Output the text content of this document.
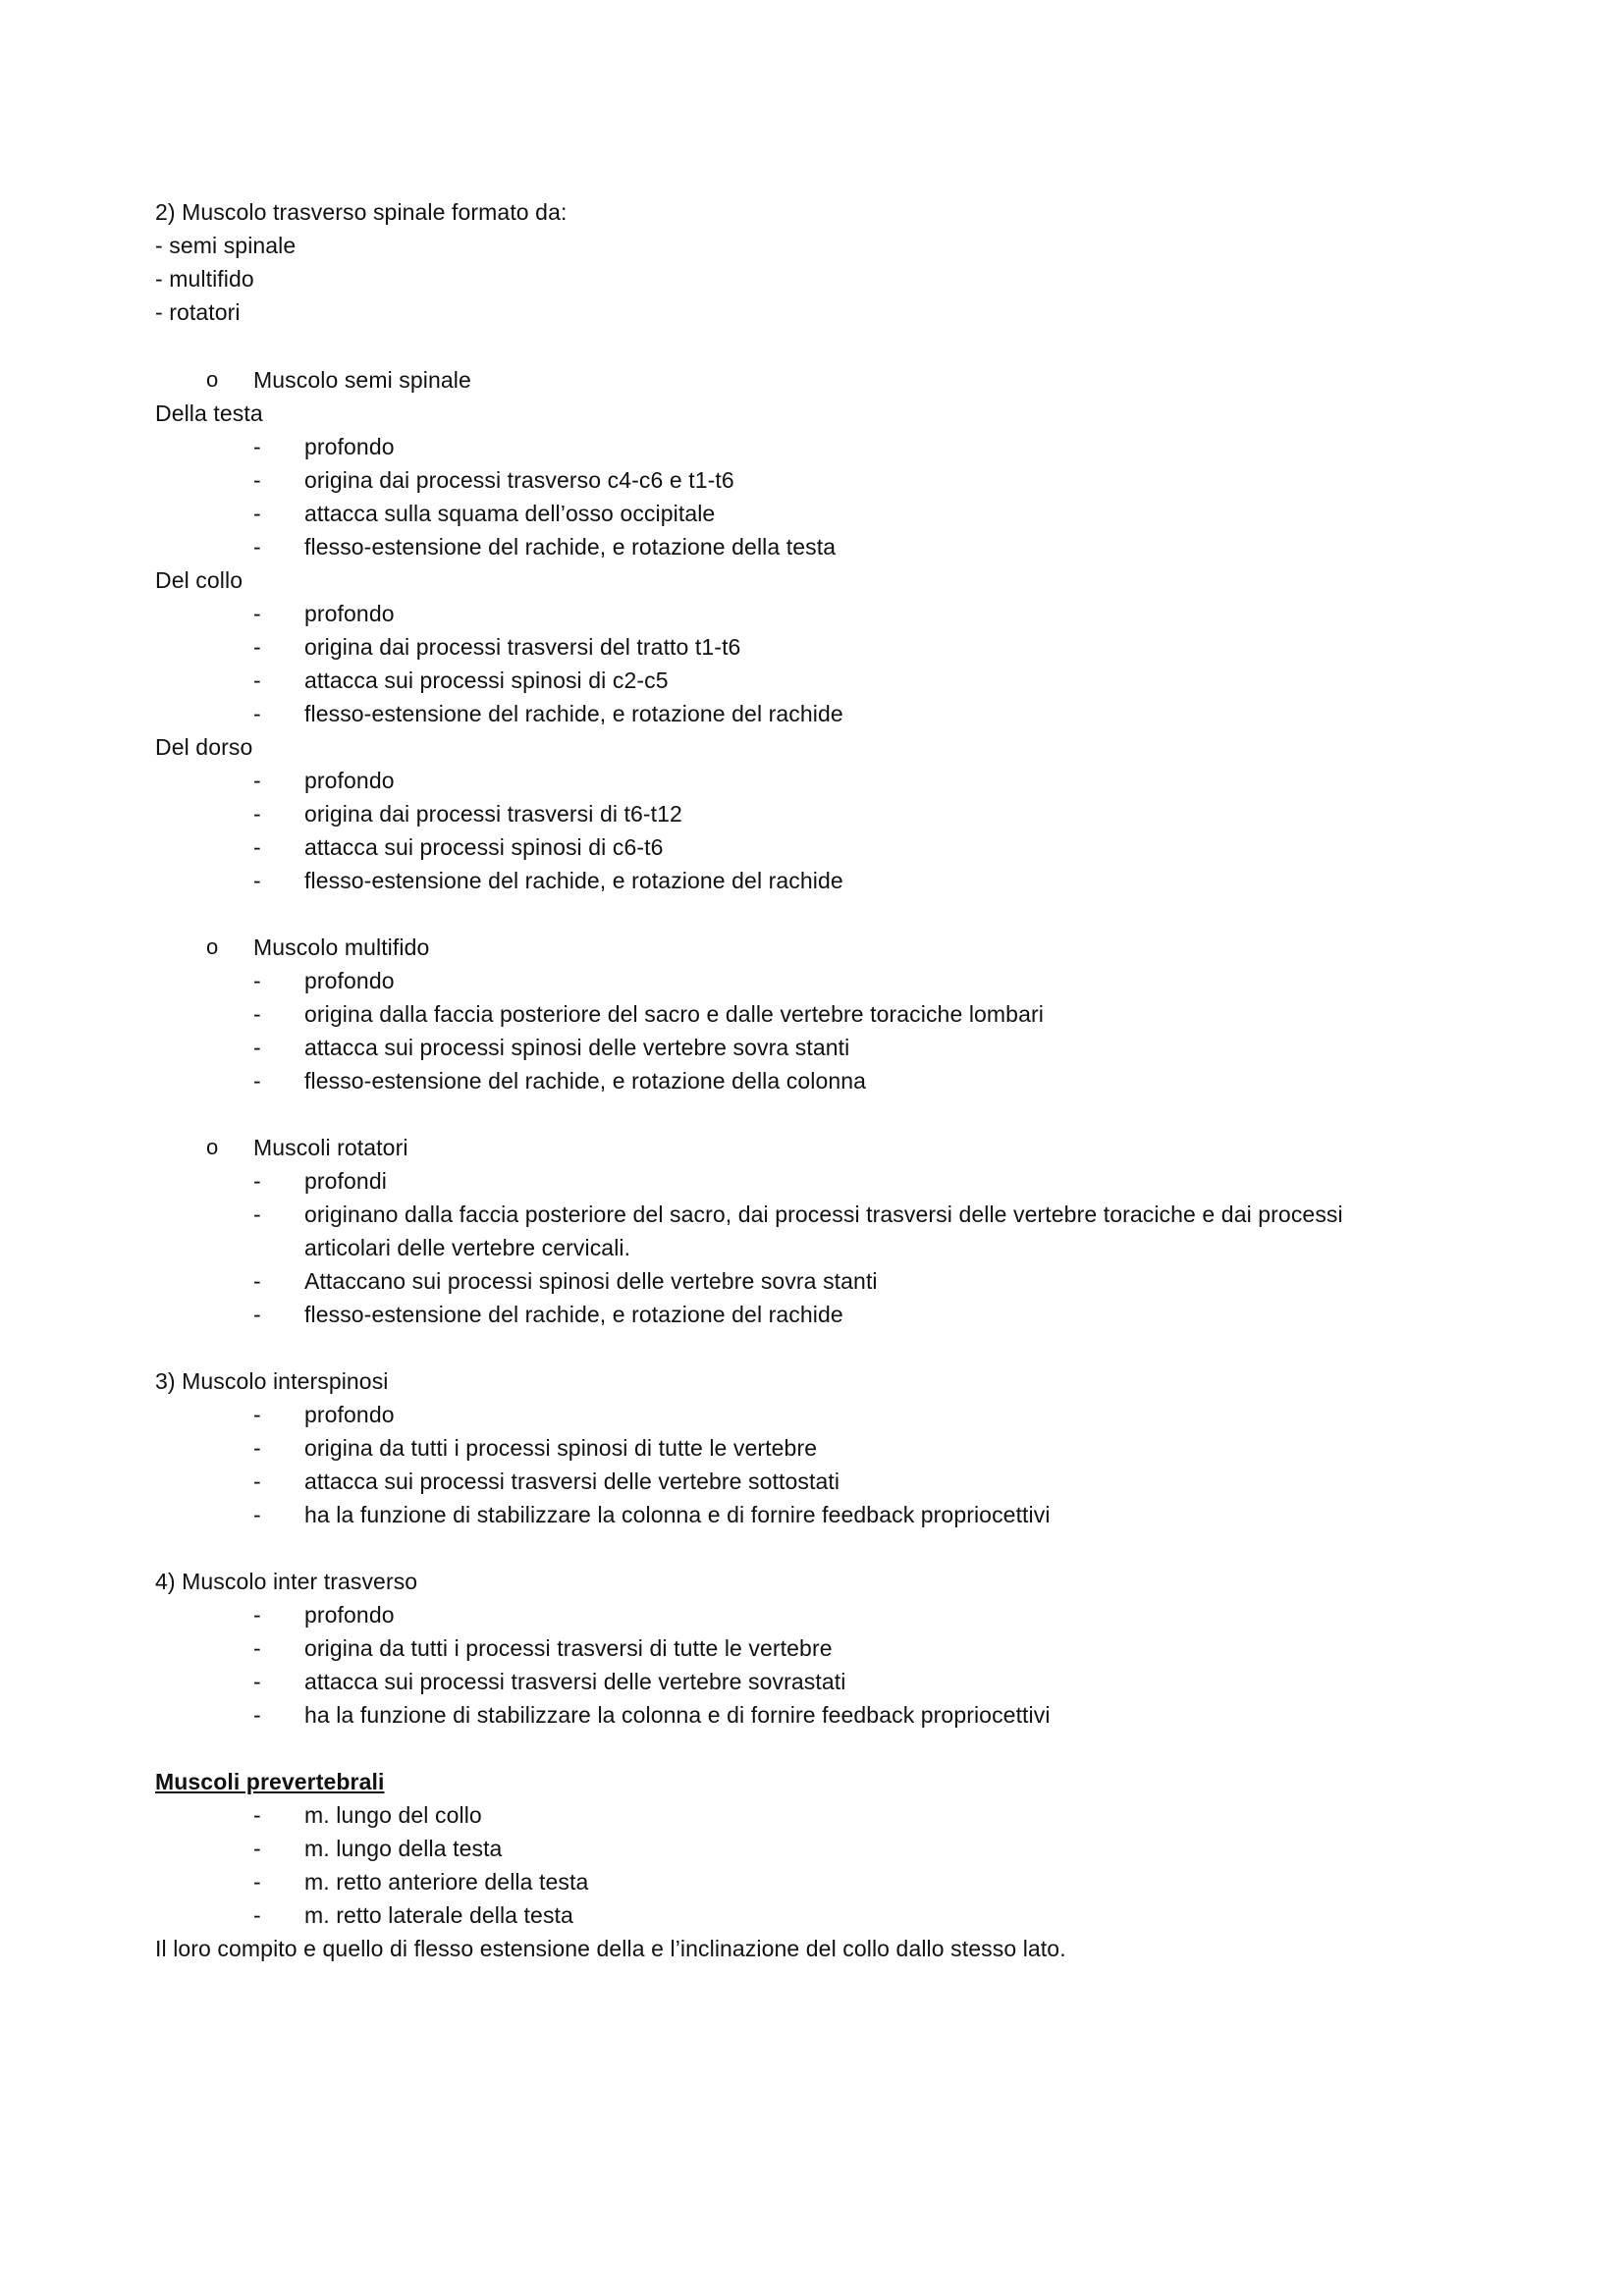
2) Muscolo trasverso spinale formato da:
- semi spinale
- multifido
- rotatori
o Muscolo semi spinale
Della testa
- profondo
- origina dai processi trasverso c4-c6 e t1-t6
- attacca sulla squama dell’osso occipitale
- flesso-estensione del rachide, e rotazione della testa
Del collo
- profondo
- origina dai processi trasversi del tratto t1-t6
- attacca sui processi spinosi di c2-c5
- flesso-estensione del rachide, e rotazione del rachide
Del dorso
- profondo
- origina dai processi trasversi di t6-t12
- attacca sui processi spinosi di c6-t6
- flesso-estensione del rachide, e rotazione del rachide
o Muscolo multifido
- profondo
- origina dalla faccia posteriore del sacro e dalle vertebre toraciche lombari
- attacca sui processi spinosi delle vertebre sovra stanti
- flesso-estensione del rachide, e rotazione della colonna
o Muscoli rotatori
- profondi
- originano dalla faccia posteriore del sacro, dai processi trasversi delle vertebre toraciche e dai processi
articolari delle vertebre cervicali.
- Attaccano sui processi spinosi delle vertebre sovra stanti
- flesso-estensione del rachide, e rotazione del rachide
3) Muscolo interspinosi
- profondo
- origina da tutti i processi spinosi di tutte le vertebre
- attacca sui processi trasversi delle vertebre sottostati
- ha la funzione di stabilizzare la colonna e di fornire feedback propriocettivi
4) Muscolo inter trasverso
- profondo
- origina da tutti i processi trasversi di tutte le vertebre
- attacca sui processi trasversi delle vertebre sovrastati
- ha la funzione di stabilizzare la colonna e di fornire feedback propriocettivi
Muscoli prevertebrali
- m. lungo del collo
- m. lungo della testa
- m. retto anteriore della testa
- m. retto laterale della testa
Il loro compito e quello di flesso estensione della e l’inclinazione del collo dallo stesso lato.
